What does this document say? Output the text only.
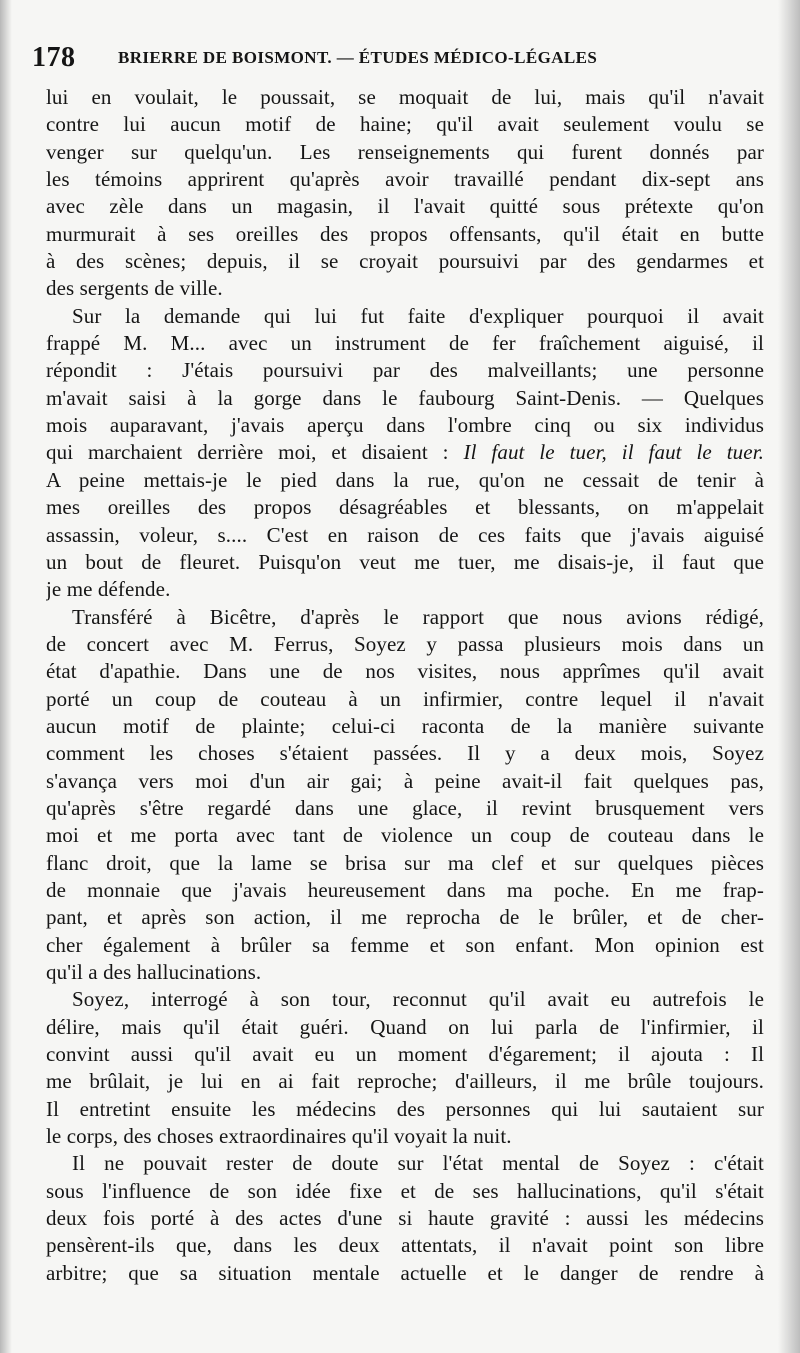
178	BRIERRE DE BOISMONT. — ÉTUDES MÉDICO-LÉGALES
lui en voulait, le poussait, se moquait de lui, mais qu'il n'avait
contre lui aucun motif de haine; qu'il avait seulement voulu se
venger sur quelqu'un. Les renseignements qui furent donnés par
les témoins apprirent qu'après avoir travaillé pendant dix-sept ans
avec zèle dans un magasin, il l'avait quitté sous prétexte qu'on
murmurait à ses oreilles des propos offensants, qu'il était en butte
à des scènes; depuis, il se croyait poursuivi par des gendarmes et
des sergents de ville.
Sur la demande qui lui fut faite d'expliquer pourquoi il avait
frappé M. M... avec un instrument de fer fraîchement aiguisé, il
répondit : J'étais poursuivi par des malveillants; une personne
m'avait saisi à la gorge dans le faubourg Saint-Denis. — Quelques
mois auparavant, j'avais aperçu dans l'ombre cinq ou six individus
qui marchaient derrière moi, et disaient : Il faut le tuer, il faut le tuer.
A peine mettais-je le pied dans la rue, qu'on ne cessait de tenir à
mes oreilles des propos désagréables et blessants, on m'appelait
assassin, voleur, s.... C'est en raison de ces faits que j'avais aiguisé
un bout de fleuret. Puisqu'on veut me tuer, me disais-je, il faut que
je me défende.
Transféré à Bicêtre, d'après le rapport que nous avions rédigé,
de concert avec M. Ferrus, Soyez y passa plusieurs mois dans un
état d'apathie. Dans une de nos visites, nous apprîmes qu'il avait
porté un coup de couteau à un infirmier, contre lequel il n'avait
aucun motif de plainte; celui-ci raconta de la manière suivante
comment les choses s'étaient passées. Il y a deux mois, Soyez
s'avança vers moi d'un air gai; à peine avait-il fait quelques pas,
qu'après s'être regardé dans une glace, il revint brusquement vers
moi et me porta avec tant de violence un coup de couteau dans le
flanc droit, que la lame se brisa sur ma clef et sur quelques pièces
de monnaie que j'avais heureusement dans ma poche. En me frap-
pant, et après son action, il me reprocha de le brûler, et de cher-
cher également à brûler sa femme et son enfant. Mon opinion est
qu'il a des hallucinations.
Soyez, interrogé à son tour, reconnut qu'il avait eu autrefois le
délire, mais qu'il était guéri. Quand on lui parla de l'infirmier, il
convint aussi qu'il avait eu un moment d'égarement; il ajouta : Il
me brûlait, je lui en ai fait reproche; d'ailleurs, il me brûle toujours.
Il entretint ensuite les médecins des personnes qui lui sautaient sur
le corps, des choses extraordinaires qu'il voyait la nuit.
Il ne pouvait rester de doute sur l'état mental de Soyez : c'était
sous l'influence de son idée fixe et de ses hallucinations, qu'il s'était
deux fois porté à des actes d'une si haute gravité : aussi les médecins
pensèrent-ils que, dans les deux attentats, il n'avait point son libre
arbitre; que sa situation mentale actuelle et le danger de rendre à
